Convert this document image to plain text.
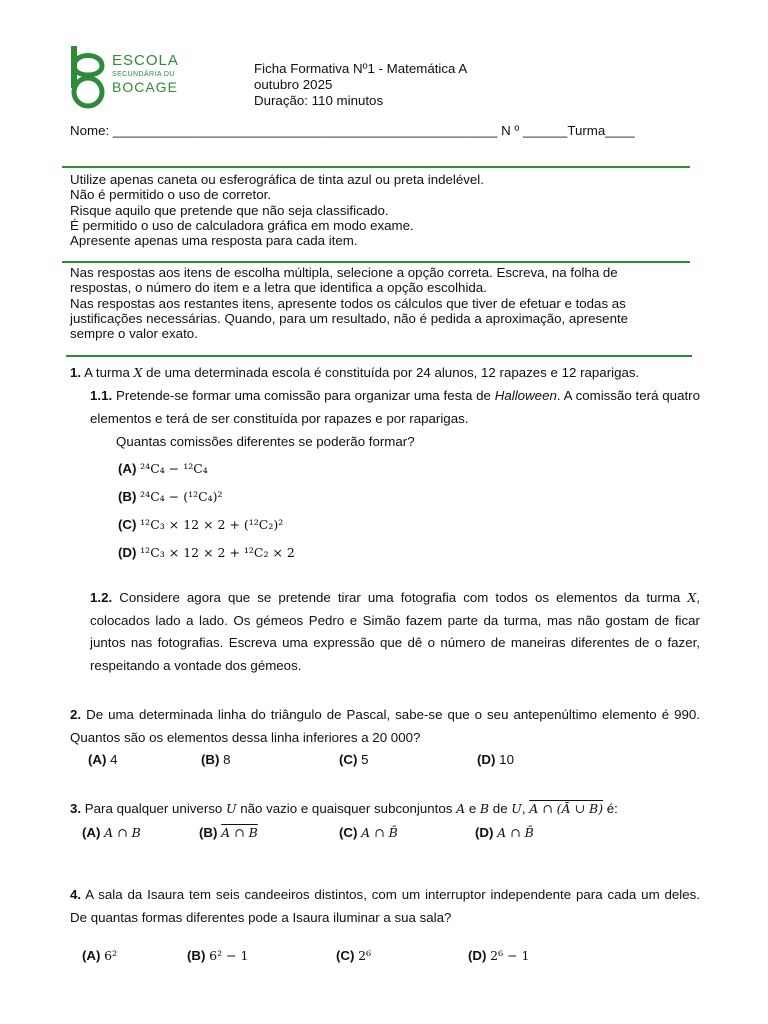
ESCOLA
SECUNDÁRIA DU
BOCAGE
Ficha Formativa Nº1 - Matemática A
outubro 2025
Duração: 110 minutos
Nome: ____________________________________________________ N º ______Turma____
Utilize apenas caneta ou esferográfica de tinta azul ou preta indelével.
Não é permitido o uso de corretor.
Risque aquilo que pretende que não seja classificado.
É permitido o uso de calculadora gráfica em modo exame.
Apresente apenas uma resposta para cada item.
Nas respostas aos itens de escolha múltipla, selecione a opção correta. Escreva, na folha de
respostas, o número do item e a letra que identifica a opção escolhida.
Nas respostas aos restantes itens, apresente todos os cálculos que tiver de efetuar e todas as
justificações necessárias. Quando, para um resultado, não é pedida a aproximação, apresente
sempre o valor exato.
1. A turma X de uma determinada escola é constituída por 24 alunos, 12 rapazes e 12 raparigas.
1.1. Pretende-se formar uma comissão para organizar uma festa de Halloween. A comissão terá quatro elementos e terá de ser constituída por rapazes e por raparigas.
Quantas comissões diferentes se poderão formar?
(A) ²⁴C₄ − ¹²C₄
(B) ²⁴C₄ − (¹²C₄)²
(C) ¹²C₃ × 12 × 2 + (¹²C₂)²
(D) ¹²C₃ × 12 × 2 + ¹²C₂ × 2
1.2. Considere agora que se pretende tirar uma fotografia com todos os elementos da turma X, colocados lado a lado. Os gémeos Pedro e Simão fazem parte da turma, mas não gostam de ficar juntos nas fotografias. Escreva uma expressão que dê o número de maneiras diferentes de o fazer, respeitando a vontade dos gémeos.
2. De uma determinada linha do triângulo de Pascal, sabe-se que o seu antepenúltimo elemento é 990. Quantos são os elementos dessa linha inferiores a 20 000?
(A) 4	(B) 8	(C) 5	(D) 10
3. Para qualquer universo U não vazio e quaisquer subconjuntos A e B de U, A ∩ (Ā ∪ B) é:
(A) A ∩ B	(B) A ∩ B	(C) A ∩ B̄	(D) A ∩ B̄
4. A sala da Isaura tem seis candeeiros distintos, com um interruptor independente para cada um deles. De quantas formas diferentes pode a Isaura iluminar a sua sala?
(A) 6²	(B) 6² − 1	(C) 2⁶	(D) 2⁶ − 1
